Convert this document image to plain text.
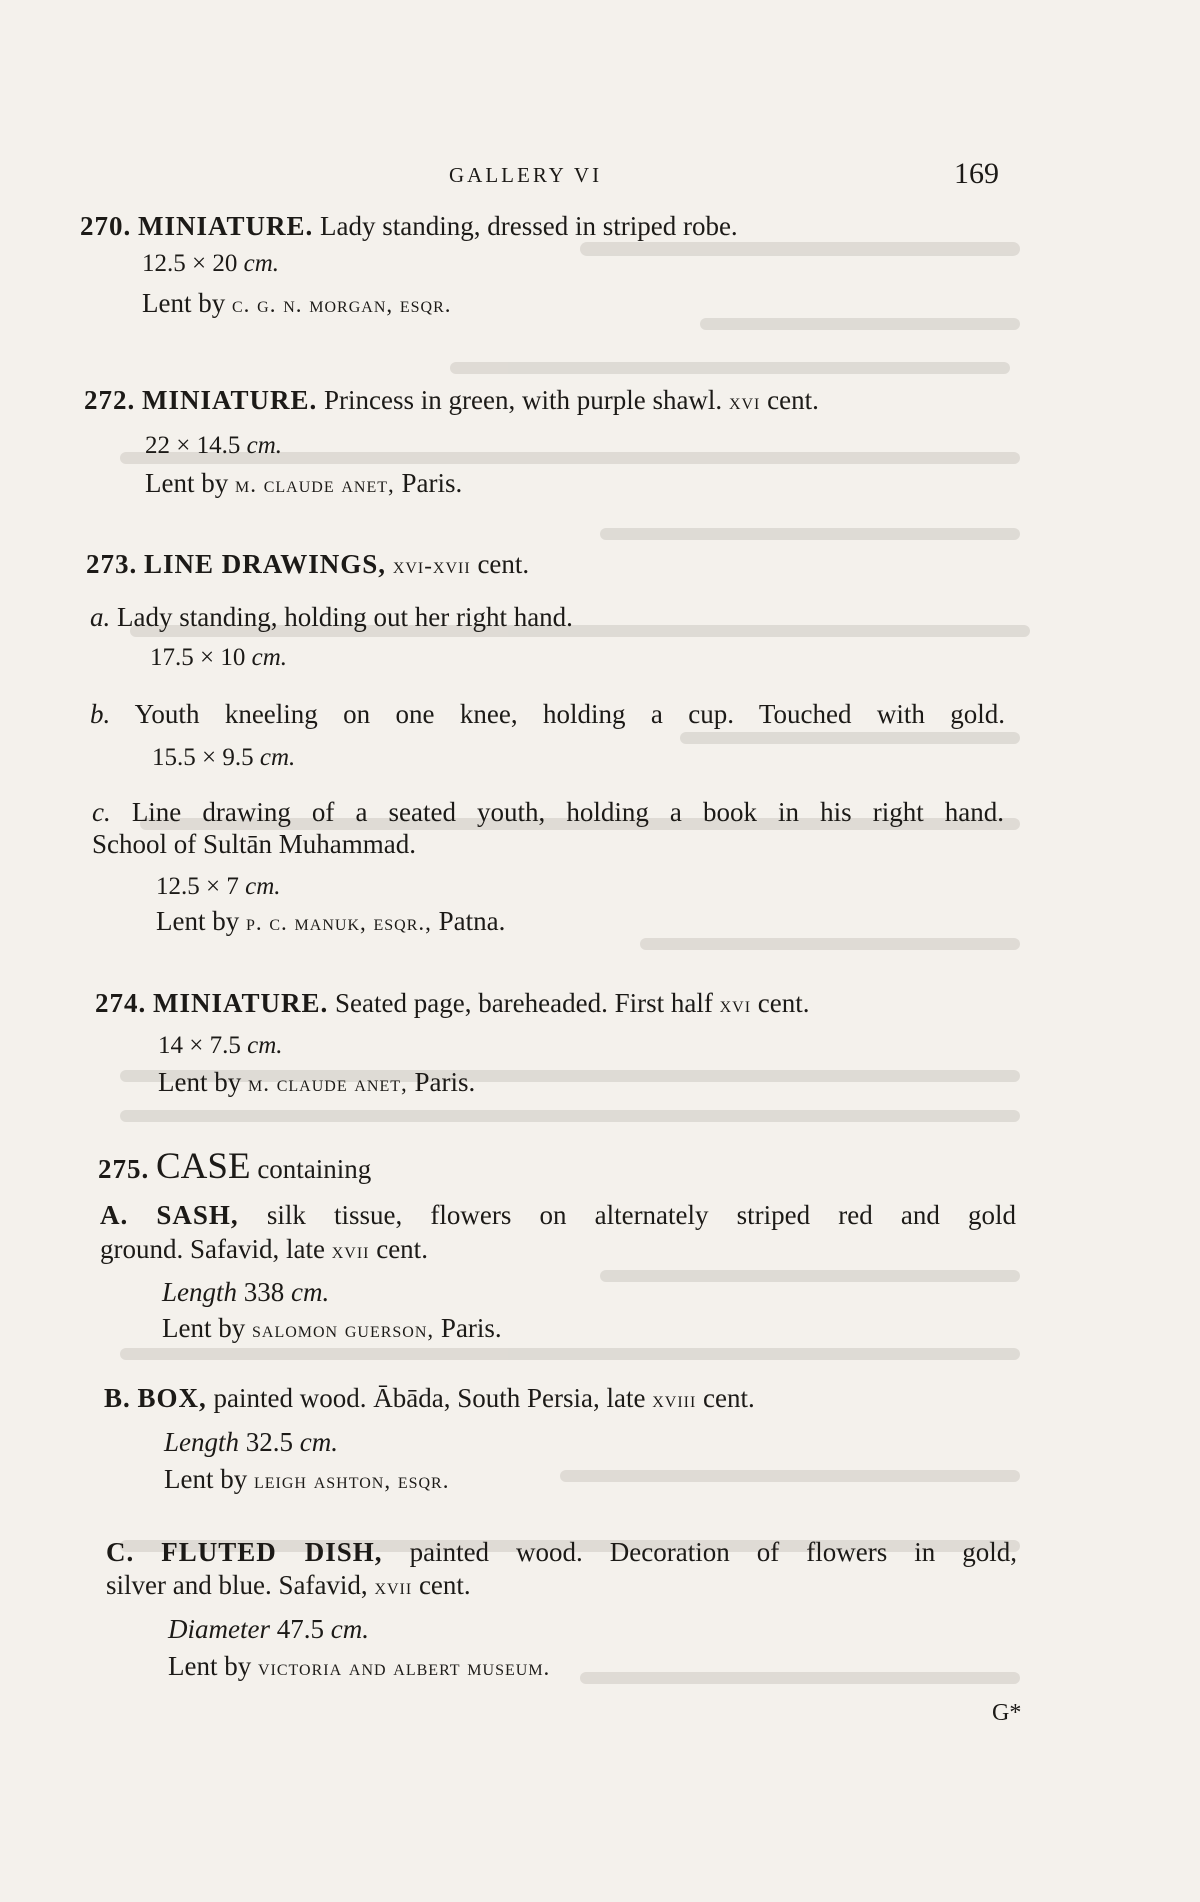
GALLERY VI	169
270. MINIATURE. Lady standing, dressed in striped robe.
12.5 × 20 cm.
Lent by c. g. n. morgan, esqr.
272. MINIATURE. Princess in green, with purple shawl. xvi cent.
22 × 14.5 cm.
Lent by m. claude anet, Paris.
273. LINE DRAWINGS, xvi-xvii cent.
a. Lady standing, holding out her right hand.
17.5 × 10 cm.
b. Youth kneeling on one knee, holding a cup. Touched with gold.
15.5 × 9.5 cm.
c. Line drawing of a seated youth, holding a book in his right hand.
School of Sultān Muhammad.
12.5 × 7 cm.
Lent by p. c. manuk, esqr., Patna.
274. MINIATURE. Seated page, bareheaded. First half xvi cent.
14 × 7.5 cm.
Lent by m. claude anet, Paris.
275. CASE containing
A. SASH, silk tissue, flowers on alternately striped red and gold
ground. Safavid, late xvii cent.
Length 338 cm.
Lent by salomon guerson, Paris.
B. BOX, painted wood. Ābāda, South Persia, late xviii cent.
Length 32.5 cm.
Lent by leigh ashton, esqr.
C. FLUTED DISH, painted wood. Decoration of flowers in gold,
silver and blue. Safavid, xvii cent.
Diameter 47.5 cm.
Lent by victoria and albert museum.
G*
